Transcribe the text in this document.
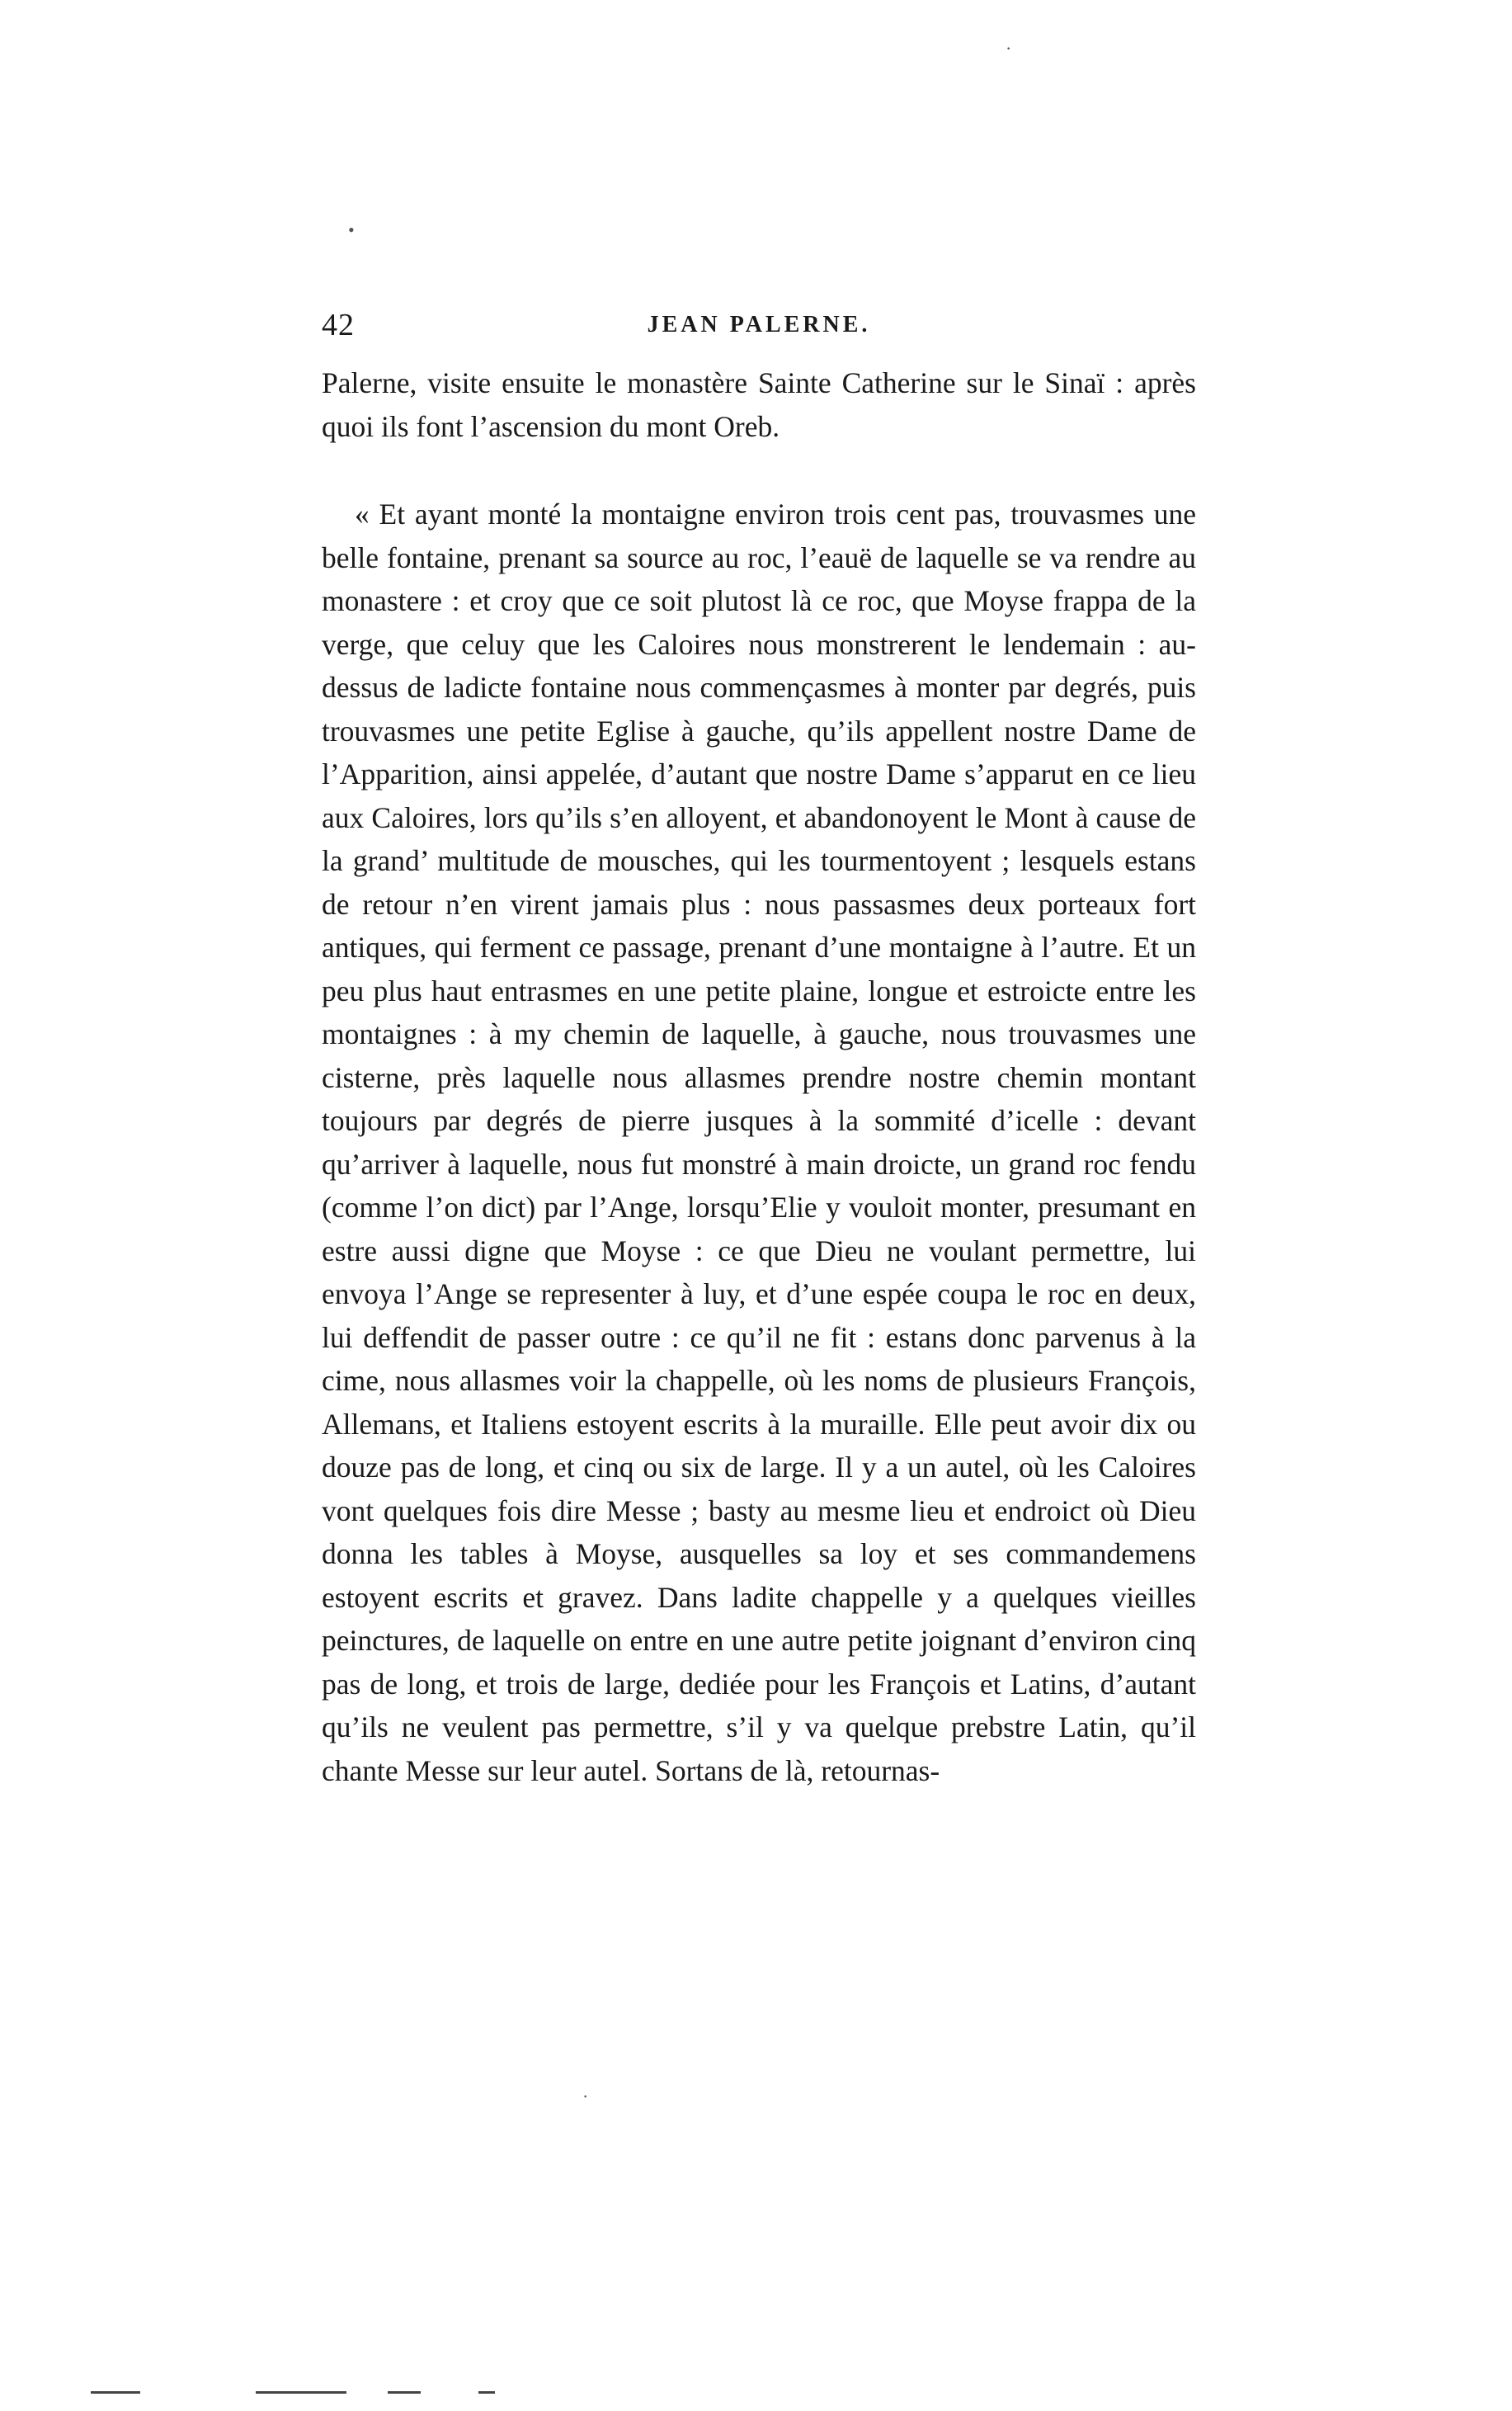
·
•
42	JEAN PALERNE.

Palerne, visite ensuite le monastère Sainte Catherine sur le Sinaï : après quoi ils font l’ascension du mont Oreb.

« Et ayant monté la montaigne environ trois cent pas, trouvasmes une belle fontaine, prenant sa source au roc, l’eauë de laquelle se va rendre au monastere : et croy que ce soit plutost là ce roc, que Moyse frappa de la verge, que celuy que les Caloires nous monstrerent le lendemain : au-dessus de ladicte fontaine nous commençasmes à monter par degrés, puis trouvasmes une petite Eglise à gauche, qu’ils appellent nostre Dame de l’Apparition, ainsi appelée, d’autant que nostre Dame s’apparut en ce lieu aux Caloires, lors qu’ils s’en alloyent, et abandonoyent le Mont à cause de la grand’ multitude de mousches, qui les tourmentoyent ; lesquels estans de retour n’en virent jamais plus : nous passasmes deux porteaux fort antiques, qui ferment ce passage, prenant d’une montaigne à l’autre. Et un peu plus haut entrasmes en une petite plaine, longue et estroicte entre les montaignes : à my chemin de laquelle, à gauche, nous trouvasmes une cisterne, près laquelle nous allasmes prendre nostre chemin montant toujours par degrés de pierre jusques à la sommité d’icelle : devant qu’arriver à laquelle, nous fut monstré à main droicte, un grand roc fendu (comme l’on dict) par l’Ange, lorsqu’Elie y vouloit monter, presumant en estre aussi digne que Moyse : ce que Dieu ne voulant permettre, lui envoya l’Ange se representer à luy, et d’une espée coupa le roc en deux, lui deffendit de passer outre : ce qu’il ne fit : estans donc parvenus à la cime, nous allasmes voir la chappelle, où les noms de plusieurs François, Allemans, et Italiens estoyent escrits à la muraille. Elle peut avoir dix ou douze pas de long, et cinq ou six de large. Il y a un autel, où les Caloires vont quelques fois dire Messe ; basty au mesme lieu et endroict où Dieu donna les tables à Moyse, ausquelles sa loy et ses commandemens estoyent escrits et gravez. Dans ladite chappelle y a quelques vieilles peinctures, de laquelle on entre en une autre petite joignant d’environ cinq pas de long, et trois de large, dediée pour les François et Latins, d’autant qu’ils ne veulent pas permettre, s’il y va quelque prebstre Latin, qu’il chante Messe sur leur autel. Sortans de là, retournas-

·
